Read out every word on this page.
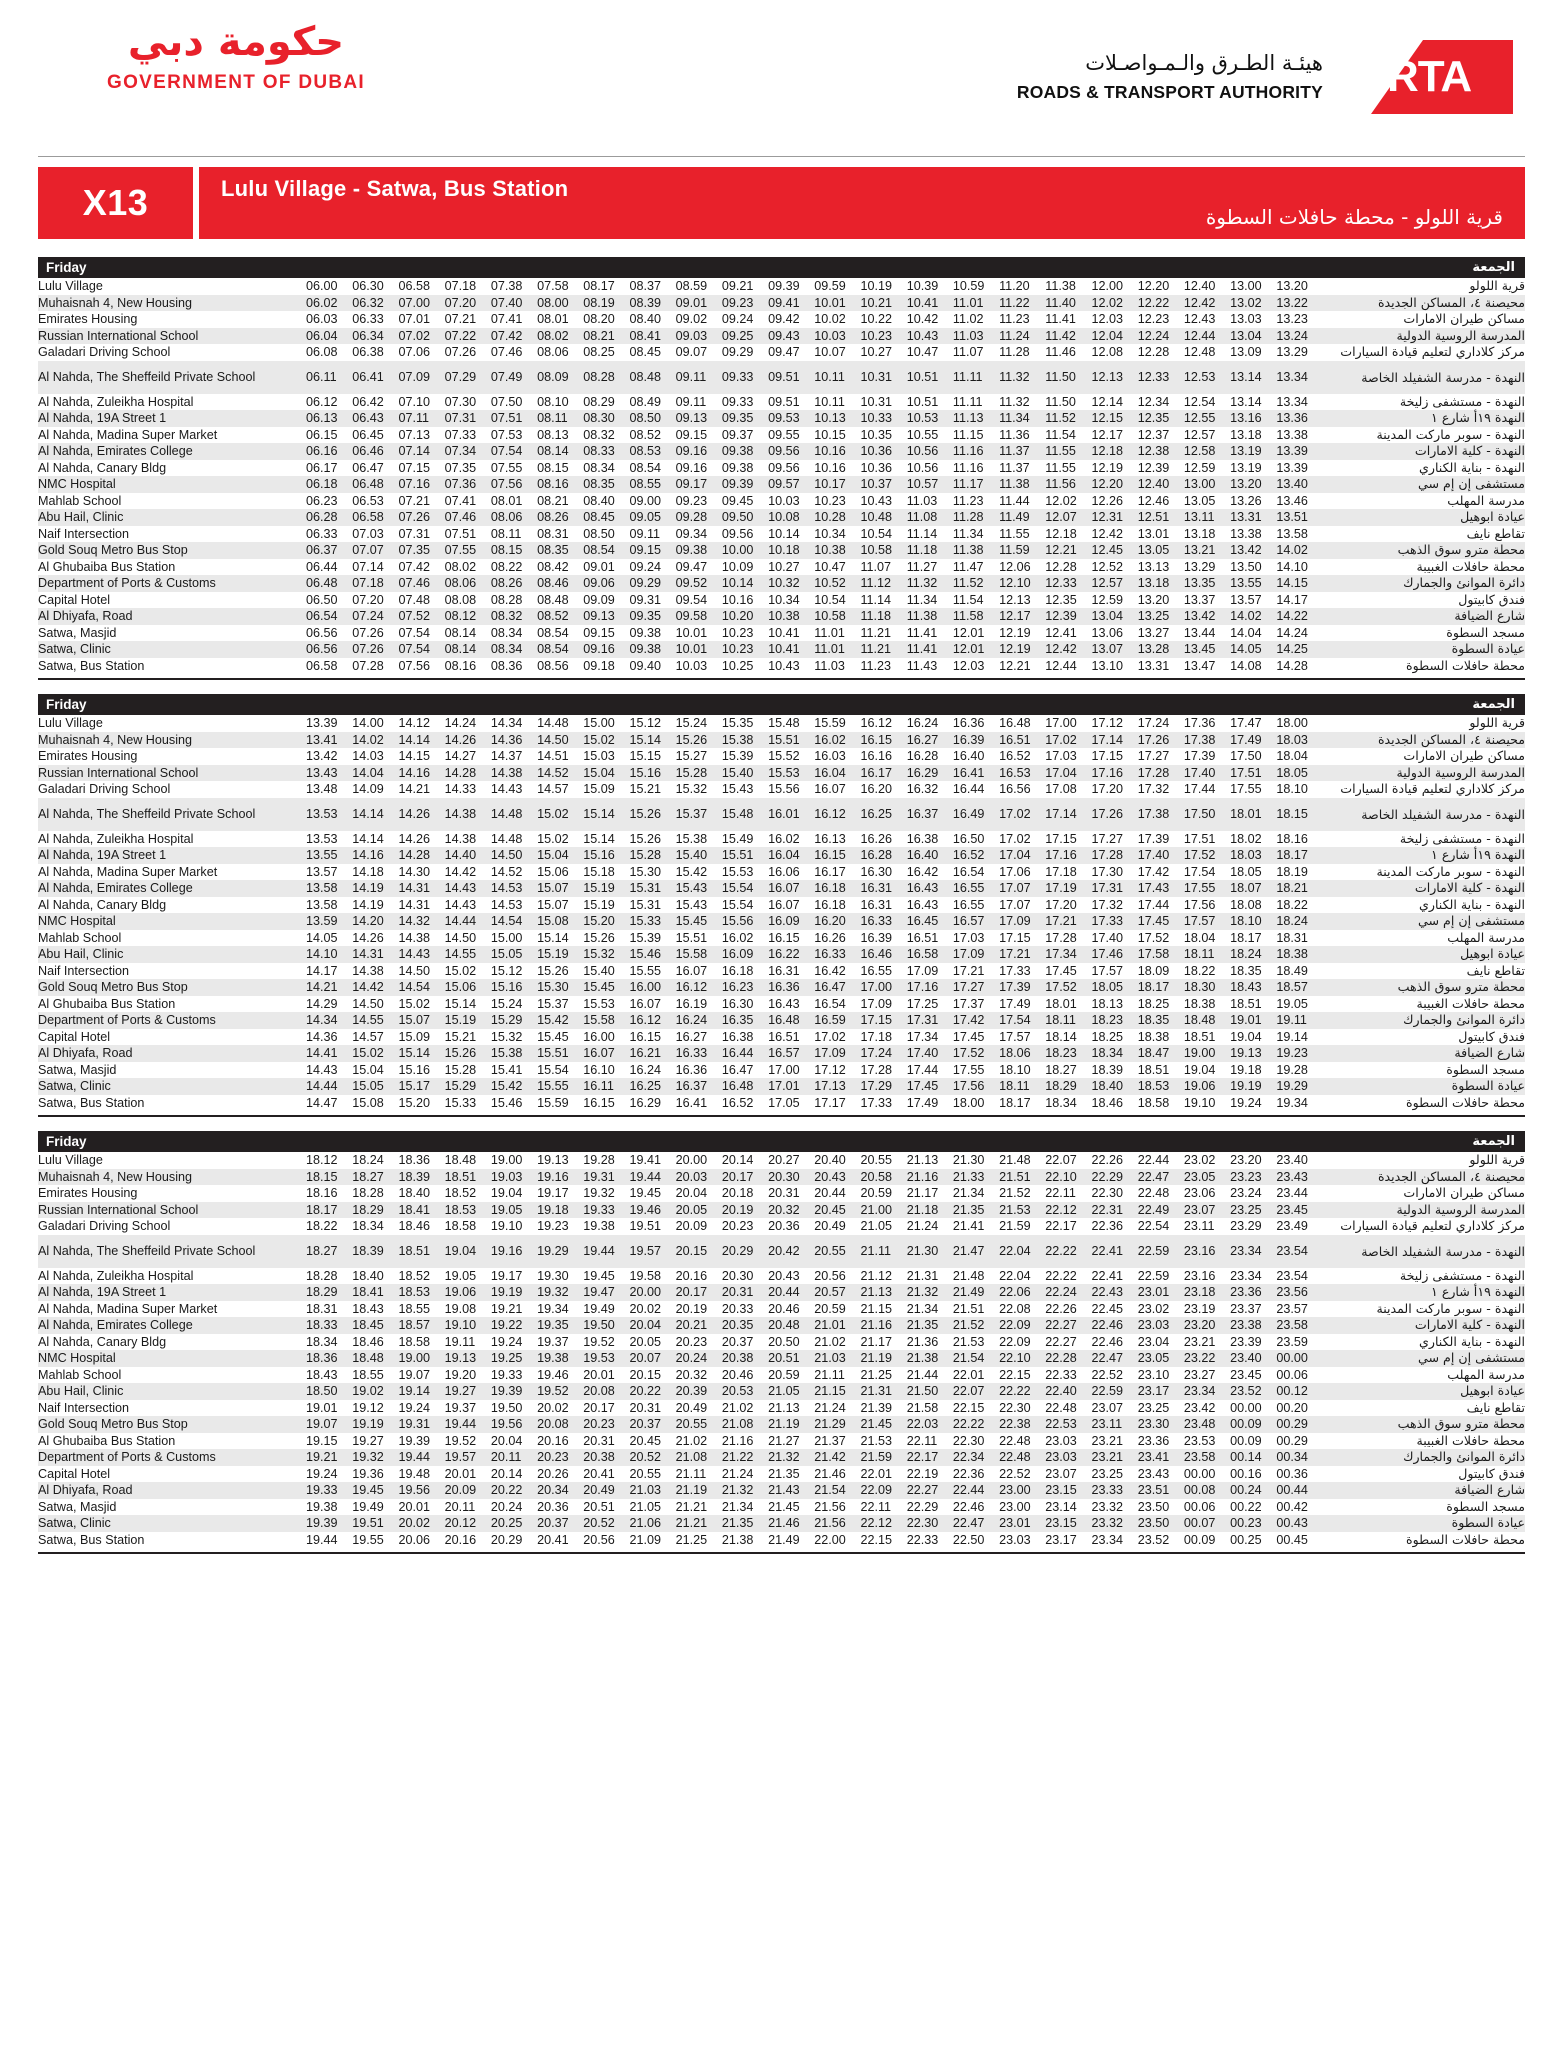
حكومة دبي
GOVERNMENT OF DUBAI
هيئـة الطـرق والـمـواصـلات
ROADS & TRANSPORT AUTHORITY RTA
X13	Lulu Village - Satwa, Bus Station
قرية اللولو - محطة حافلات السطوة
Friday	الجمعة
Lulu Village	06.00	06.30	06.58	07.18	07.38	07.58	08.17	08.37	08.59	09.21	09.39	09.59	10.19	10.39	10.59	11.20	11.38	12.00	12.20	12.40	13.00	13.20	قرية اللولو
Muhaisnah 4, New Housing	06.02	06.32	07.00	07.20	07.40	08.00	08.19	08.39	09.01	09.23	09.41	10.01	10.21	10.41	11.01	11.22	11.40	12.02	12.22	12.42	13.02	13.22	محيصنة ٤، المساكن الجديدة
Emirates Housing	06.03	06.33	07.01	07.21	07.41	08.01	08.20	08.40	09.02	09.24	09.42	10.02	10.22	10.42	11.02	11.23	11.41	12.03	12.23	12.43	13.03	13.23	مساكن طيران الامارات
Russian International School	06.04	06.34	07.02	07.22	07.42	08.02	08.21	08.41	09.03	09.25	09.43	10.03	10.23	10.43	11.03	11.24	11.42	12.04	12.24	12.44	13.04	13.24	المدرسة الروسية الدولية
Galadari Driving School	06.08	06.38	07.06	07.26	07.46	08.06	08.25	08.45	09.07	09.29	09.47	10.07	10.27	10.47	11.07	11.28	11.46	12.08	12.28	12.48	13.09	13.29	مركز كلاداري لتعليم قيادة السيارات
Al Nahda, The Sheffeild Private School	06.11	06.41	07.09	07.29	07.49	08.09	08.28	08.48	09.11	09.33	09.51	10.11	10.31	10.51	11.11	11.32	11.50	12.13	12.33	12.53	13.14	13.34	النهدة - مدرسة الشفيلد الخاصة
Al Nahda, Zuleikha Hospital	06.12	06.42	07.10	07.30	07.50	08.10	08.29	08.49	09.11	09.33	09.51	10.11	10.31	10.51	11.11	11.32	11.50	12.14	12.34	12.54	13.14	13.34	النهدة - مستشفى زليخة
Al Nahda, 19A Street 1	06.13	06.43	07.11	07.31	07.51	08.11	08.30	08.50	09.13	09.35	09.53	10.13	10.33	10.53	11.13	11.34	11.52	12.15	12.35	12.55	13.16	13.36	النهدة ١٩أ شارع ١
Al Nahda, Madina Super Market	06.15	06.45	07.13	07.33	07.53	08.13	08.32	08.52	09.15	09.37	09.55	10.15	10.35	10.55	11.15	11.36	11.54	12.17	12.37	12.57	13.18	13.38	النهدة - سوبر ماركت المدينة
Al Nahda, Emirates College	06.16	06.46	07.14	07.34	07.54	08.14	08.33	08.53	09.16	09.38	09.56	10.16	10.36	10.56	11.16	11.37	11.55	12.18	12.38	12.58	13.19	13.39	النهدة - كلية الامارات
Al Nahda, Canary Bldg	06.17	06.47	07.15	07.35	07.55	08.15	08.34	08.54	09.16	09.38	09.56	10.16	10.36	10.56	11.16	11.37	11.55	12.19	12.39	12.59	13.19	13.39	النهدة - بناية الكناري
NMC Hospital	06.18	06.48	07.16	07.36	07.56	08.16	08.35	08.55	09.17	09.39	09.57	10.17	10.37	10.57	11.17	11.38	11.56	12.20	12.40	13.00	13.20	13.40	مستشفى إن إم سي
Mahlab School	06.23	06.53	07.21	07.41	08.01	08.21	08.40	09.00	09.23	09.45	10.03	10.23	10.43	11.03	11.23	11.44	12.02	12.26	12.46	13.05	13.26	13.46	مدرسة المهلب
Abu Hail, Clinic	06.28	06.58	07.26	07.46	08.06	08.26	08.45	09.05	09.28	09.50	10.08	10.28	10.48	11.08	11.28	11.49	12.07	12.31	12.51	13.11	13.31	13.51	عيادة ابوهيل
Naif Intersection	06.33	07.03	07.31	07.51	08.11	08.31	08.50	09.11	09.34	09.56	10.14	10.34	10.54	11.14	11.34	11.55	12.18	12.42	13.01	13.18	13.38	13.58	تقاطع نايف
Gold Souq Metro Bus Stop	06.37	07.07	07.35	07.55	08.15	08.35	08.54	09.15	09.38	10.00	10.18	10.38	10.58	11.18	11.38	11.59	12.21	12.45	13.05	13.21	13.42	14.02	محطة مترو سوق الذهب
Al Ghubaiba Bus Station	06.44	07.14	07.42	08.02	08.22	08.42	09.01	09.24	09.47	10.09	10.27	10.47	11.07	11.27	11.47	12.06	12.28	12.52	13.13	13.29	13.50	14.10	محطة حافلات الغبيبة
Department of Ports & Customs	06.48	07.18	07.46	08.06	08.26	08.46	09.06	09.29	09.52	10.14	10.32	10.52	11.12	11.32	11.52	12.10	12.33	12.57	13.18	13.35	13.55	14.15	دائرة الموانئ والجمارك
Capital Hotel	06.50	07.20	07.48	08.08	08.28	08.48	09.09	09.31	09.54	10.16	10.34	10.54	11.14	11.34	11.54	12.13	12.35	12.59	13.20	13.37	13.57	14.17	فندق كابيتول
Al Dhiyafa, Road	06.54	07.24	07.52	08.12	08.32	08.52	09.13	09.35	09.58	10.20	10.38	10.58	11.18	11.38	11.58	12.17	12.39	13.04	13.25	13.42	14.02	14.22	شارع الضيافة
Satwa, Masjid	06.56	07.26	07.54	08.14	08.34	08.54	09.15	09.38	10.01	10.23	10.41	11.01	11.21	11.41	12.01	12.19	12.41	13.06	13.27	13.44	14.04	14.24	مسجد السطوة
Satwa, Clinic	06.56	07.26	07.54	08.14	08.34	08.54	09.16	09.38	10.01	10.23	10.41	11.01	11.21	11.41	12.01	12.19	12.42	13.07	13.28	13.45	14.05	14.25	عيادة السطوة
Satwa, Bus Station	06.58	07.28	07.56	08.16	08.36	08.56	09.18	09.40	10.03	10.25	10.43	11.03	11.23	11.43	12.03	12.21	12.44	13.10	13.31	13.47	14.08	14.28	محطة حافلات السطوة
Friday	الجمعة
Lulu Village	13.39	14.00	14.12	14.24	14.34	14.48	15.00	15.12	15.24	15.35	15.48	15.59	16.12	16.24	16.36	16.48	17.00	17.12	17.24	17.36	17.47	18.00	قرية اللولو
Muhaisnah 4, New Housing	13.41	14.02	14.14	14.26	14.36	14.50	15.02	15.14	15.26	15.38	15.51	16.02	16.15	16.27	16.39	16.51	17.02	17.14	17.26	17.38	17.49	18.03	محيصنة ٤، المساكن الجديدة
Emirates Housing	13.42	14.03	14.15	14.27	14.37	14.51	15.03	15.15	15.27	15.39	15.52	16.03	16.16	16.28	16.40	16.52	17.03	17.15	17.27	17.39	17.50	18.04	مساكن طيران الامارات
Russian International School	13.43	14.04	14.16	14.28	14.38	14.52	15.04	15.16	15.28	15.40	15.53	16.04	16.17	16.29	16.41	16.53	17.04	17.16	17.28	17.40	17.51	18.05	المدرسة الروسية الدولية
Galadari Driving School	13.48	14.09	14.21	14.33	14.43	14.57	15.09	15.21	15.32	15.43	15.56	16.07	16.20	16.32	16.44	16.56	17.08	17.20	17.32	17.44	17.55	18.10	مركز كلاداري لتعليم قيادة السيارات
Al Nahda, The Sheffeild Private School	13.53	14.14	14.26	14.38	14.48	15.02	15.14	15.26	15.37	15.48	16.01	16.12	16.25	16.37	16.49	17.02	17.14	17.26	17.38	17.50	18.01	18.15	النهدة - مدرسة الشفيلد الخاصة
Al Nahda, Zuleikha Hospital	13.53	14.14	14.26	14.38	14.48	15.02	15.14	15.26	15.38	15.49	16.02	16.13	16.26	16.38	16.50	17.02	17.15	17.27	17.39	17.51	18.02	18.16	النهدة - مستشفى زليخة
Al Nahda, 19A Street 1	13.55	14.16	14.28	14.40	14.50	15.04	15.16	15.28	15.40	15.51	16.04	16.15	16.28	16.40	16.52	17.04	17.16	17.28	17.40	17.52	18.03	18.17	النهدة ١٩أ شارع ١
Al Nahda, Madina Super Market	13.57	14.18	14.30	14.42	14.52	15.06	15.18	15.30	15.42	15.53	16.06	16.17	16.30	16.42	16.54	17.06	17.18	17.30	17.42	17.54	18.05	18.19	النهدة - سوبر ماركت المدينة
Al Nahda, Emirates College	13.58	14.19	14.31	14.43	14.53	15.07	15.19	15.31	15.43	15.54	16.07	16.18	16.31	16.43	16.55	17.07	17.19	17.31	17.43	17.55	18.07	18.21	النهدة - كلية الامارات
Al Nahda, Canary Bldg	13.58	14.19	14.31	14.43	14.53	15.07	15.19	15.31	15.43	15.54	16.07	16.18	16.31	16.43	16.55	17.07	17.20	17.32	17.44	17.56	18.08	18.22	النهدة - بناية الكناري
NMC Hospital	13.59	14.20	14.32	14.44	14.54	15.08	15.20	15.33	15.45	15.56	16.09	16.20	16.33	16.45	16.57	17.09	17.21	17.33	17.45	17.57	18.10	18.24	مستشفى إن إم سي
Mahlab School	14.05	14.26	14.38	14.50	15.00	15.14	15.26	15.39	15.51	16.02	16.15	16.26	16.39	16.51	17.03	17.15	17.28	17.40	17.52	18.04	18.17	18.31	مدرسة المهلب
Abu Hail, Clinic	14.10	14.31	14.43	14.55	15.05	15.19	15.32	15.46	15.58	16.09	16.22	16.33	16.46	16.58	17.09	17.21	17.34	17.46	17.58	18.11	18.24	18.38	عيادة ابوهيل
Naif Intersection	14.17	14.38	14.50	15.02	15.12	15.26	15.40	15.55	16.07	16.18	16.31	16.42	16.55	17.09	17.21	17.33	17.45	17.57	18.09	18.22	18.35	18.49	تقاطع نايف
Gold Souq Metro Bus Stop	14.21	14.42	14.54	15.06	15.16	15.30	15.45	16.00	16.12	16.23	16.36	16.47	17.00	17.16	17.27	17.39	17.52	18.05	18.17	18.30	18.43	18.57	محطة مترو سوق الذهب
Al Ghubaiba Bus Station	14.29	14.50	15.02	15.14	15.24	15.37	15.53	16.07	16.19	16.30	16.43	16.54	17.09	17.25	17.37	17.49	18.01	18.13	18.25	18.38	18.51	19.05	محطة حافلات الغبيبة
Department of Ports & Customs	14.34	14.55	15.07	15.19	15.29	15.42	15.58	16.12	16.24	16.35	16.48	16.59	17.15	17.31	17.42	17.54	18.11	18.23	18.35	18.48	19.01	19.11	دائرة الموانئ والجمارك
Capital Hotel	14.36	14.57	15.09	15.21	15.32	15.45	16.00	16.15	16.27	16.38	16.51	17.02	17.18	17.34	17.45	17.57	18.14	18.25	18.38	18.51	19.04	19.14	فندق كابيتول
Al Dhiyafa, Road	14.41	15.02	15.14	15.26	15.38	15.51	16.07	16.21	16.33	16.44	16.57	17.09	17.24	17.40	17.52	18.06	18.23	18.34	18.47	19.00	19.13	19.23	شارع الضيافة
Satwa, Masjid	14.43	15.04	15.16	15.28	15.41	15.54	16.10	16.24	16.36	16.47	17.00	17.12	17.28	17.44	17.55	18.10	18.27	18.39	18.51	19.04	19.18	19.28	مسجد السطوة
Satwa, Clinic	14.44	15.05	15.17	15.29	15.42	15.55	16.11	16.25	16.37	16.48	17.01	17.13	17.29	17.45	17.56	18.11	18.29	18.40	18.53	19.06	19.19	19.29	عيادة السطوة
Satwa, Bus Station	14.47	15.08	15.20	15.33	15.46	15.59	16.15	16.29	16.41	16.52	17.05	17.17	17.33	17.49	18.00	18.17	18.34	18.46	18.58	19.10	19.24	19.34	محطة حافلات السطوة
Friday	الجمعة
Lulu Village	18.12	18.24	18.36	18.48	19.00	19.13	19.28	19.41	20.00	20.14	20.27	20.40	20.55	21.13	21.30	21.48	22.07	22.26	22.44	23.02	23.20	23.40	قرية اللولو
Muhaisnah 4, New Housing	18.15	18.27	18.39	18.51	19.03	19.16	19.31	19.44	20.03	20.17	20.30	20.43	20.58	21.16	21.33	21.51	22.10	22.29	22.47	23.05	23.23	23.43	محيصنة ٤، المساكن الجديدة
Emirates Housing	18.16	18.28	18.40	18.52	19.04	19.17	19.32	19.45	20.04	20.18	20.31	20.44	20.59	21.17	21.34	21.52	22.11	22.30	22.48	23.06	23.24	23.44	مساكن طيران الامارات
Russian International School	18.17	18.29	18.41	18.53	19.05	19.18	19.33	19.46	20.05	20.19	20.32	20.45	21.00	21.18	21.35	21.53	22.12	22.31	22.49	23.07	23.25	23.45	المدرسة الروسية الدولية
Galadari Driving School	18.22	18.34	18.46	18.58	19.10	19.23	19.38	19.51	20.09	20.23	20.36	20.49	21.05	21.24	21.41	21.59	22.17	22.36	22.54	23.11	23.29	23.49	مركز كلاداري لتعليم قيادة السيارات
Al Nahda, The Sheffeild Private School	18.27	18.39	18.51	19.04	19.16	19.29	19.44	19.57	20.15	20.29	20.42	20.55	21.11	21.30	21.47	22.04	22.22	22.41	22.59	23.16	23.34	23.54	النهدة - مدرسة الشفيلد الخاصة
Al Nahda, Zuleikha Hospital	18.28	18.40	18.52	19.05	19.17	19.30	19.45	19.58	20.16	20.30	20.43	20.56	21.12	21.31	21.48	22.04	22.22	22.41	22.59	23.16	23.34	23.54	النهدة - مستشفى زليخة
Al Nahda, 19A Street 1	18.29	18.41	18.53	19.06	19.19	19.32	19.47	20.00	20.17	20.31	20.44	20.57	21.13	21.32	21.49	22.06	22.24	22.43	23.01	23.18	23.36	23.56	النهدة ١٩أ شارع ١
Al Nahda, Madina Super Market	18.31	18.43	18.55	19.08	19.21	19.34	19.49	20.02	20.19	20.33	20.46	20.59	21.15	21.34	21.51	22.08	22.26	22.45	23.02	23.19	23.37	23.57	النهدة - سوبر ماركت المدينة
Al Nahda, Emirates College	18.33	18.45	18.57	19.10	19.22	19.35	19.50	20.04	20.21	20.35	20.48	21.01	21.16	21.35	21.52	22.09	22.27	22.46	23.03	23.20	23.38	23.58	النهدة - كلية الامارات
Al Nahda, Canary Bldg	18.34	18.46	18.58	19.11	19.24	19.37	19.52	20.05	20.23	20.37	20.50	21.02	21.17	21.36	21.53	22.09	22.27	22.46	23.04	23.21	23.39	23.59	النهدة - بناية الكناري
NMC Hospital	18.36	18.48	19.00	19.13	19.25	19.38	19.53	20.07	20.24	20.38	20.51	21.03	21.19	21.38	21.54	22.10	22.28	22.47	23.05	23.22	23.40	00.00	مستشفى إن إم سي
Mahlab School	18.43	18.55	19.07	19.20	19.33	19.46	20.01	20.15	20.32	20.46	20.59	21.11	21.25	21.44	22.01	22.15	22.33	22.52	23.10	23.27	23.45	00.06	مدرسة المهلب
Abu Hail, Clinic	18.50	19.02	19.14	19.27	19.39	19.52	20.08	20.22	20.39	20.53	21.05	21.15	21.31	21.50	22.07	22.22	22.40	22.59	23.17	23.34	23.52	00.12	عيادة ابوهيل
Naif Intersection	19.01	19.12	19.24	19.37	19.50	20.02	20.17	20.31	20.49	21.02	21.13	21.24	21.39	21.58	22.15	22.30	22.48	23.07	23.25	23.42	00.00	00.20	تقاطع نايف
Gold Souq Metro Bus Stop	19.07	19.19	19.31	19.44	19.56	20.08	20.23	20.37	20.55	21.08	21.19	21.29	21.45	22.03	22.22	22.38	22.53	23.11	23.30	23.48	00.09	00.29	محطة مترو سوق الذهب
Al Ghubaiba Bus Station	19.15	19.27	19.39	19.52	20.04	20.16	20.31	20.45	21.02	21.16	21.27	21.37	21.53	22.11	22.30	22.48	23.03	23.21	23.36	23.53	00.09	00.29	محطة حافلات الغبيبة
Department of Ports & Customs	19.21	19.32	19.44	19.57	20.11	20.23	20.38	20.52	21.08	21.22	21.32	21.42	21.59	22.17	22.34	22.48	23.03	23.21	23.41	23.58	00.14	00.34	دائرة الموانئ والجمارك
Capital Hotel	19.24	19.36	19.48	20.01	20.14	20.26	20.41	20.55	21.11	21.24	21.35	21.46	22.01	22.19	22.36	22.52	23.07	23.25	23.43	00.00	00.16	00.36	فندق كابيتول
Al Dhiyafa, Road	19.33	19.45	19.56	20.09	20.22	20.34	20.49	21.03	21.19	21.32	21.43	21.54	22.09	22.27	22.44	23.00	23.15	23.33	23.51	00.08	00.24	00.44	شارع الضيافة
Satwa, Masjid	19.38	19.49	20.01	20.11	20.24	20.36	20.51	21.05	21.21	21.34	21.45	21.56	22.11	22.29	22.46	23.00	23.14	23.32	23.50	00.06	00.22	00.42	مسجد السطوة
Satwa, Clinic	19.39	19.51	20.02	20.12	20.25	20.37	20.52	21.06	21.21	21.35	21.46	21.56	22.12	22.30	22.47	23.01	23.15	23.32	23.50	00.07	00.23	00.43	عيادة السطوة
Satwa, Bus Station	19.44	19.55	20.06	20.16	20.29	20.41	20.56	21.09	21.25	21.38	21.49	22.00	22.15	22.33	22.50	23.03	23.17	23.34	23.52	00.09	00.25	00.45	محطة حافلات السطوة
